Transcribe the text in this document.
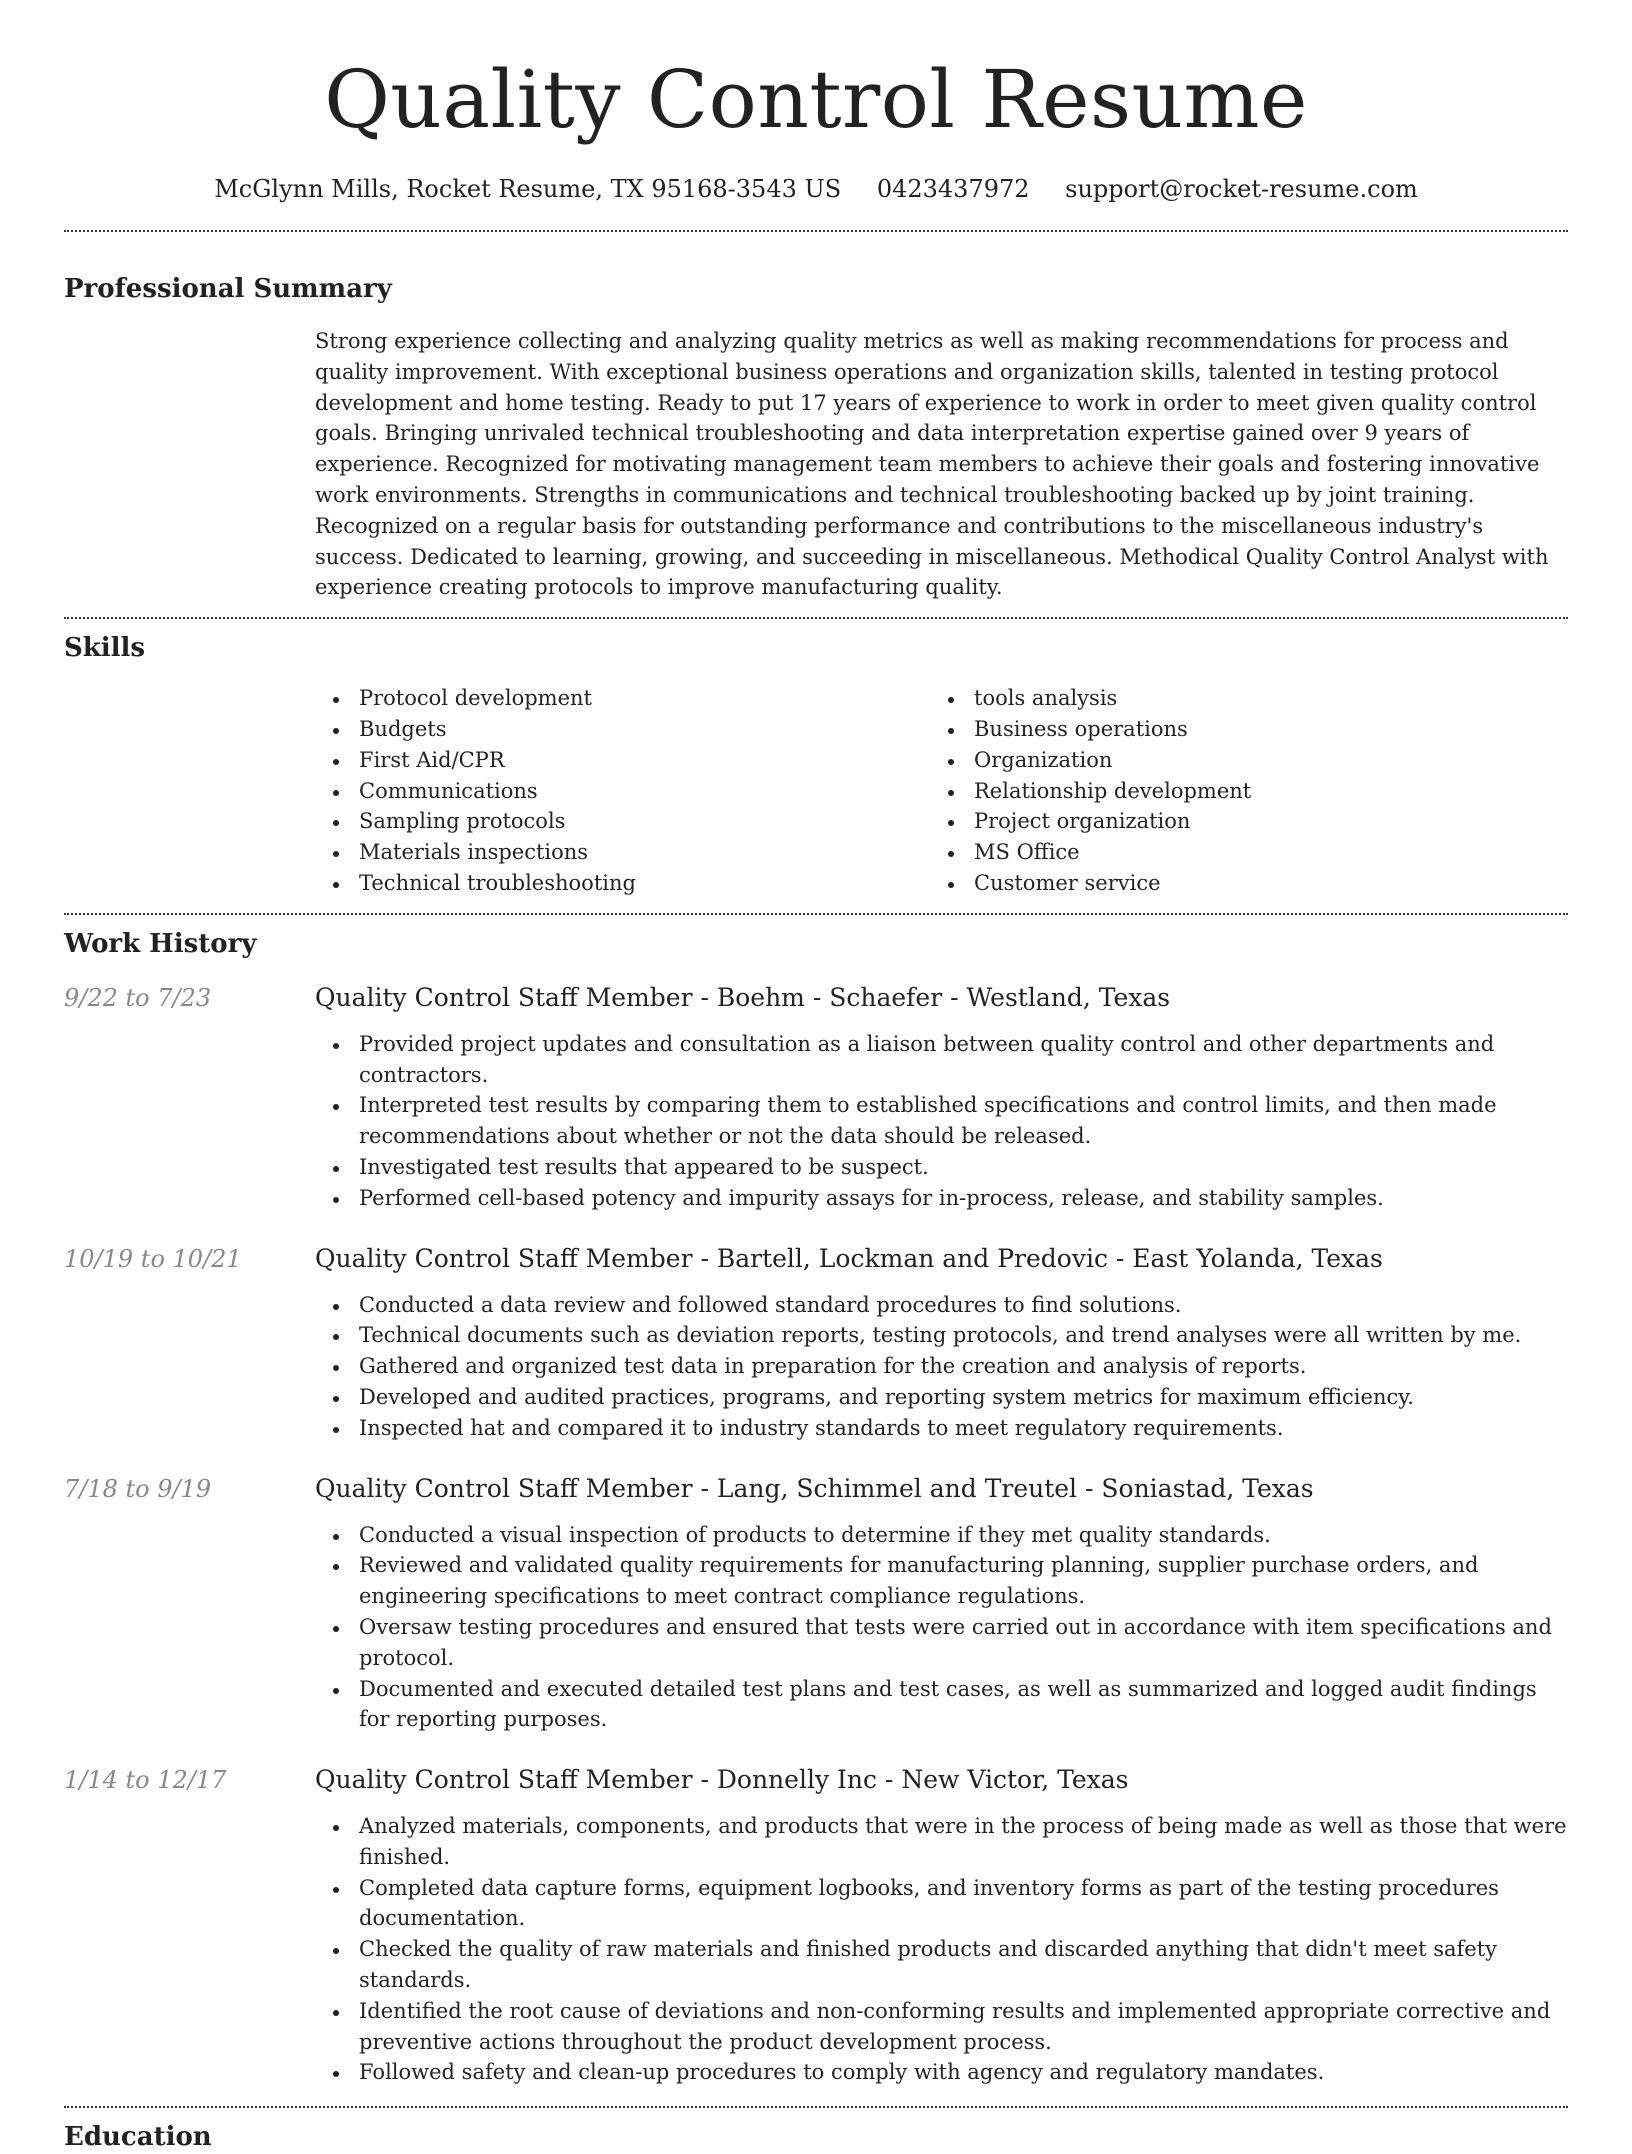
Quality Control Resume
McGlynn Mills, Rocket Resume, TX 95168-3543 US 0423437972 support@rocket-resume.com
Professional Summary

Strong experience collecting and analyzing quality metrics as well as making recommendations for process and quality improvement. With exceptional business operations and organization skills, talented in testing protocol development and home testing. Ready to put 17 years of experience to work in order to meet given quality control goals. Bringing unrivaled technical troubleshooting and data interpretation expertise gained over 9 years of experience. Recognized for motivating management team members to achieve their goals and fostering innovative work environments. Strengths in communications and technical troubleshooting backed up by joint training. Recognized on a regular basis for outstanding performance and contributions to the miscellaneous industry's success. Dedicated to learning, growing, and succeeding in miscellaneous. Methodical Quality Control Analyst with experience creating protocols to improve manufacturing quality.

Skills
Protocol development
Budgets
First Aid/CPR
Communications
Sampling protocols
Materials inspections
Technical troubleshooting
tools analysis
Business operations
Organization
Relationship development
Project organization
MS Office
Customer service
Work History
9/22 to 7/23	Quality Control Staff Member - Boehm - Schaefer - Westland, Texas
Provided project updates and consultation as a liaison between quality control and other departments and contractors.
Interpreted test results by comparing them to established specifications and control limits, and then made recommendations about whether or not the data should be released.
Investigated test results that appeared to be suspect.
Performed cell-based potency and impurity assays for in-process, release, and stability samples.
10/19 to 10/21	Quality Control Staff Member - Bartell, Lockman and Predovic - East Yolanda, Texas
Conducted a data review and followed standard procedures to find solutions.
Technical documents such as deviation reports, testing protocols, and trend analyses were all written by me.
Gathered and organized test data in preparation for the creation and analysis of reports.
Developed and audited practices, programs, and reporting system metrics for maximum efficiency.
Inspected hat and compared it to industry standards to meet regulatory requirements.
7/18 to 9/19	Quality Control Staff Member - Lang, Schimmel and Treutel - Soniastad, Texas
Conducted a visual inspection of products to determine if they met quality standards.
Reviewed and validated quality requirements for manufacturing planning, supplier purchase orders, and engineering specifications to meet contract compliance regulations.
Oversaw testing procedures and ensured that tests were carried out in accordance with item specifications and protocol.
Documented and executed detailed test plans and test cases, as well as summarized and logged audit findings for reporting purposes.
1/14 to 12/17	Quality Control Staff Member - Donnelly Inc - New Victor, Texas
Analyzed materials, components, and products that were in the process of being made as well as those that were finished.
Completed data capture forms, equipment logbooks, and inventory forms as part of the testing procedures documentation.
Checked the quality of raw materials and finished products and discarded anything that didn't meet safety standards.
Identified the root cause of deviations and non-conforming results and implemented appropriate corrective and preventive actions throughout the product development process.
Followed safety and clean-up procedures to comply with agency and regulatory mandates.
Education
